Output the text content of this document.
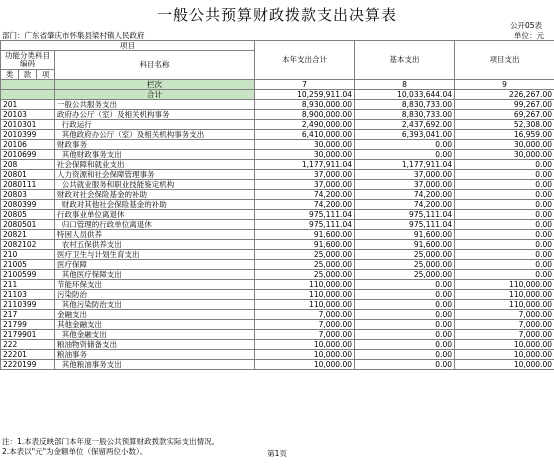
一般公共预算财政拨款支出决算表
公开05表
部门：广东省肇庆市怀集县梁村镇人民政府	单位：元
项目				本年支出合计	基本支出	项目支出
功能分类科目编码			科目名称			
类	款	项				
			栏次	7	8	9
			合计	10,259,911.04	10,033,644.04	226,267.00
201			一般公共服务支出	8,930,000.00	8,830,733.00	99,267.00
20103			政府办公厅（室）及相关机构事务	8,900,000.00	8,830,733.00	69,267.00
2010301			行政运行	2,490,000.00	2,437,692.00	52,308.00
2010399			其他政府办公厅（室）及相关机构事务支出	6,410,000.00	6,393,041.00	16,959.00
20106			财政事务	30,000.00	0.00	30,000.00
2010699			其他财政事务支出	30,000.00	0.00	30,000.00
208			社会保障和就业支出	1,177,911.04	1,177,911.04	0.00
20801			人力资源和社会保障管理事务	37,000.00	37,000.00	0.00
2080111			公共就业服务和职业技能鉴定机构	37,000.00	37,000.00	0.00
20803			财政对社会保险基金的补助	74,200.00	74,200.00	0.00
2080399			财政对其他社会保险基金的补助	74,200.00	74,200.00	0.00
20805			行政事业单位离退休	975,111.04	975,111.04	0.00
2080501			归口管理的行政单位离退休	975,111.04	975,111.04	0.00
20821			特困人员供养	91,600.00	91,600.00	0.00
2082102			农村五保供养支出	91,600.00	91,600.00	0.00
210			医疗卫生与计划生育支出	25,000.00	25,000.00	0.00
21005			医疗保障	25,000.00	25,000.00	0.00
2100599			其他医疗保障支出	25,000.00	25,000.00	0.00
211			节能环保支出	110,000.00	0.00	110,000.00
21103			污染防治	110,000.00	0.00	110,000.00
2110399			其他污染防治支出	110,000.00	0.00	110,000.00
217			金融支出	7,000.00	0.00	7,000.00
21799			其他金融支出	7,000.00	0.00	7,000.00
2179901			其他金融支出	7,000.00	0.00	7,000.00
222			粮油物资储备支出	10,000.00	0.00	10,000.00
22201			粮油事务	10,000.00	0.00	10,000.00
2220199			其他粮油事务支出	10,000.00	0.00	10,000.00
注：1.本表反映部门本年度一般公共预算财政拨款实际支出情况。
2.本表以"元"为金额单位（保留两位小数）。	第1页
